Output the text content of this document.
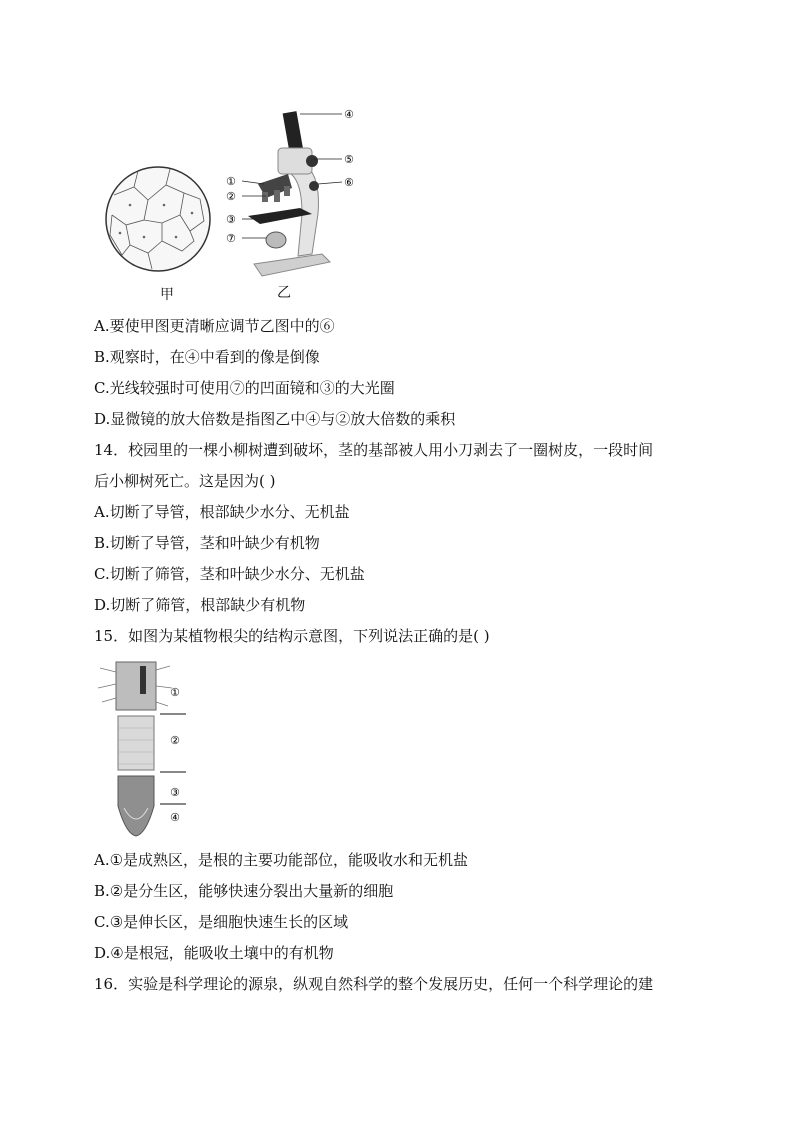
甲
④
⑤
⑥
①
②
③
⑦
乙
A.要使甲图更清晰应调节乙图中的⑥
B.观察时，在④中看到的像是倒像
C.光线较强时可使用⑦的凹面镜和③的大光圈
D.显微镜的放大倍数是指图乙中④与②放大倍数的乘积
14．校园里的一棵小柳树遭到破坏，茎的基部被人用小刀剥去了一圈树皮，一段时间
后小柳树死亡。这是因为( )
A.切断了导管，根部缺少水分、无机盐
B.切断了导管，茎和叶缺少有机物
C.切断了筛管，茎和叶缺少水分、无机盐
D.切断了筛管，根部缺少有机物
15．如图为某植物根尖的结构示意图，下列说法正确的是( )
①
②
③
④
A.①是成熟区，是根的主要功能部位，能吸收水和无机盐
B.②是分生区，能够快速分裂出大量新的细胞
C.③是伸长区，是细胞快速生长的区域
D.④是根冠，能吸收土壤中的有机物
16．实验是科学理论的源泉，纵观自然科学的整个发展历史，任何一个科学理论的建
